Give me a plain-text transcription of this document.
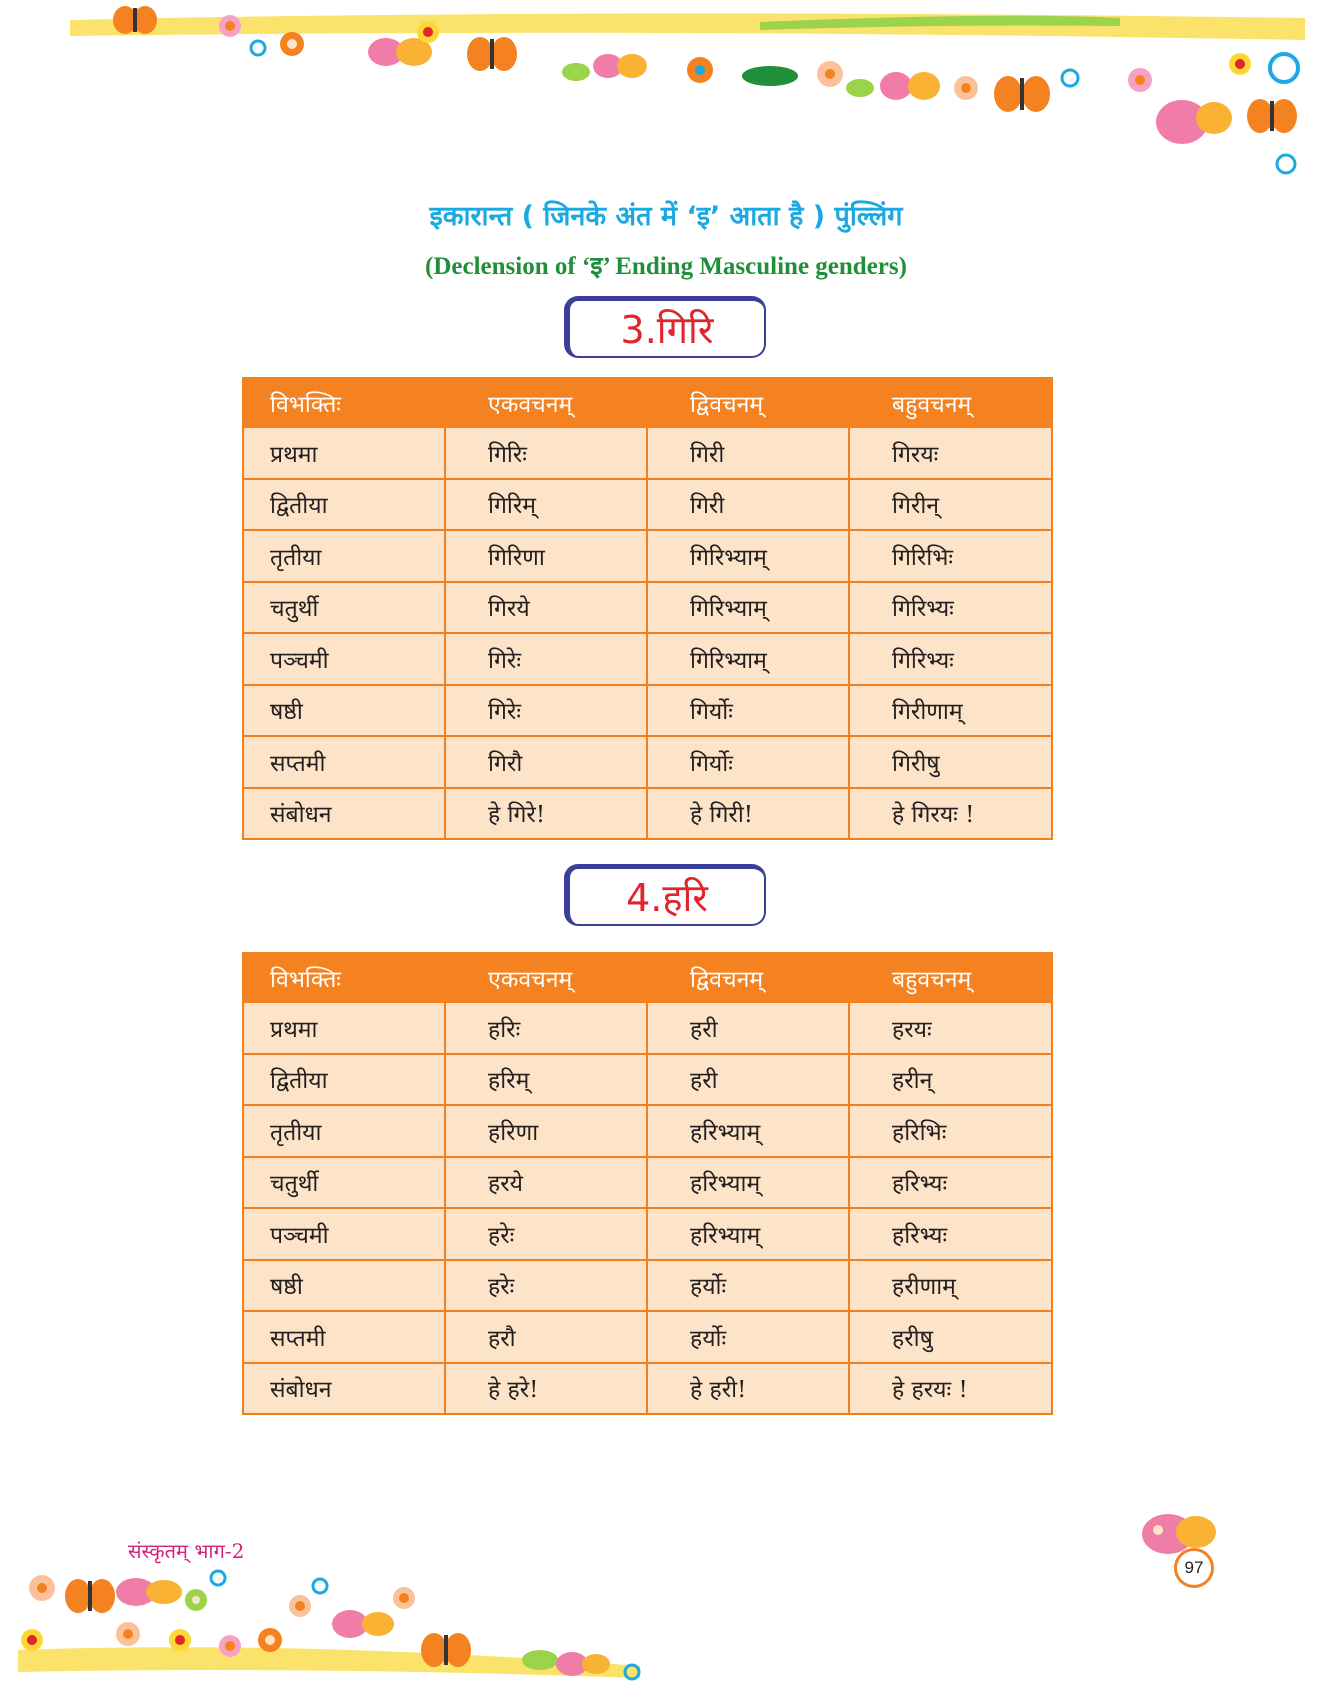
इकारान्त ( जिनके अंत में ‘इ’ आता है ) पुंल्लिंग
(Declension of ‘इ’ Ending Masculine genders)
3.गिरि
विभक्तिः	एकवचनम्	द्विवचनम्	बहुवचनम्
प्रथमा	गिरिः	गिरी	गिरयः
द्वितीया	गिरिम्	गिरी	गिरीन्
तृतीया	गिरिणा	गिरिभ्याम्	गिरिभिः
चतुर्थी	गिरये	गिरिभ्याम्	गिरिभ्यः
पञ्चमी	गिरेः	गिरिभ्याम्	गिरिभ्यः
षष्ठी	गिरेः	गिर्योः	गिरीणाम्
सप्तमी	गिरौ	गिर्योः	गिरीषु
संबोधन	हे गिरे!	हे गिरी!	हे गिरयः !
4.हरि
विभक्तिः	एकवचनम्	द्विवचनम्	बहुवचनम्
प्रथमा	हरिः	हरी	हरयः
द्वितीया	हरिम्	हरी	हरीन्
तृतीया	हरिणा	हरिभ्याम्	हरिभिः
चतुर्थी	हरये	हरिभ्याम्	हरिभ्यः
पञ्चमी	हरेः	हरिभ्याम्	हरिभ्यः
षष्ठी	हरेः	हर्योः	हरीणाम्
सप्तमी	हरौ	हर्योः	हरीषु
संबोधन	हे हरे!	हे हरी!	हे हरयः !
संस्कृतम् भाग-2
97
